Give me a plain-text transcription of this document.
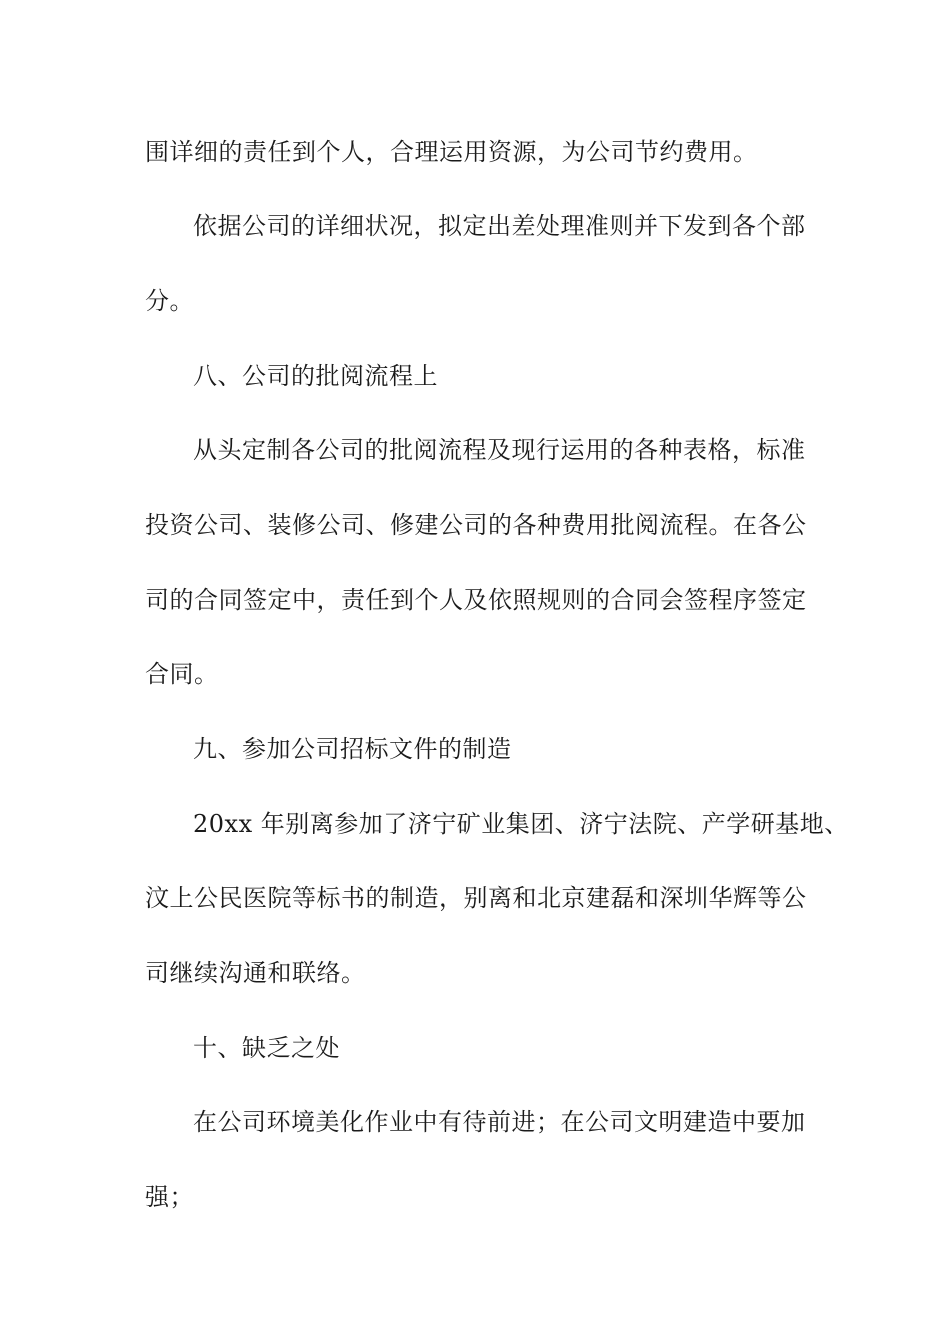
围详细的责任到个人，合理运用资源，为公司节约费用。

依据公司的详细状况，拟定出差处理准则并下发到各个部

分。

八、公司的批阅流程上

从头定制各公司的批阅流程及现行运用的各种表格，标准

投资公司、装修公司、修建公司的各种费用批阅流程。在各公

司的合同签定中，责任到个人及依照规则的合同会签程序签定

合同。

九、参加公司招标文件的制造

20xx 年别离参加了济宁矿业集团、济宁法院、产学研基地、

汶上公民医院等标书的制造，别离和北京建磊和深圳华辉等公

司继续沟通和联络。

十、缺乏之处

在公司环境美化作业中有待前进；在公司文明建造中要加

强；
